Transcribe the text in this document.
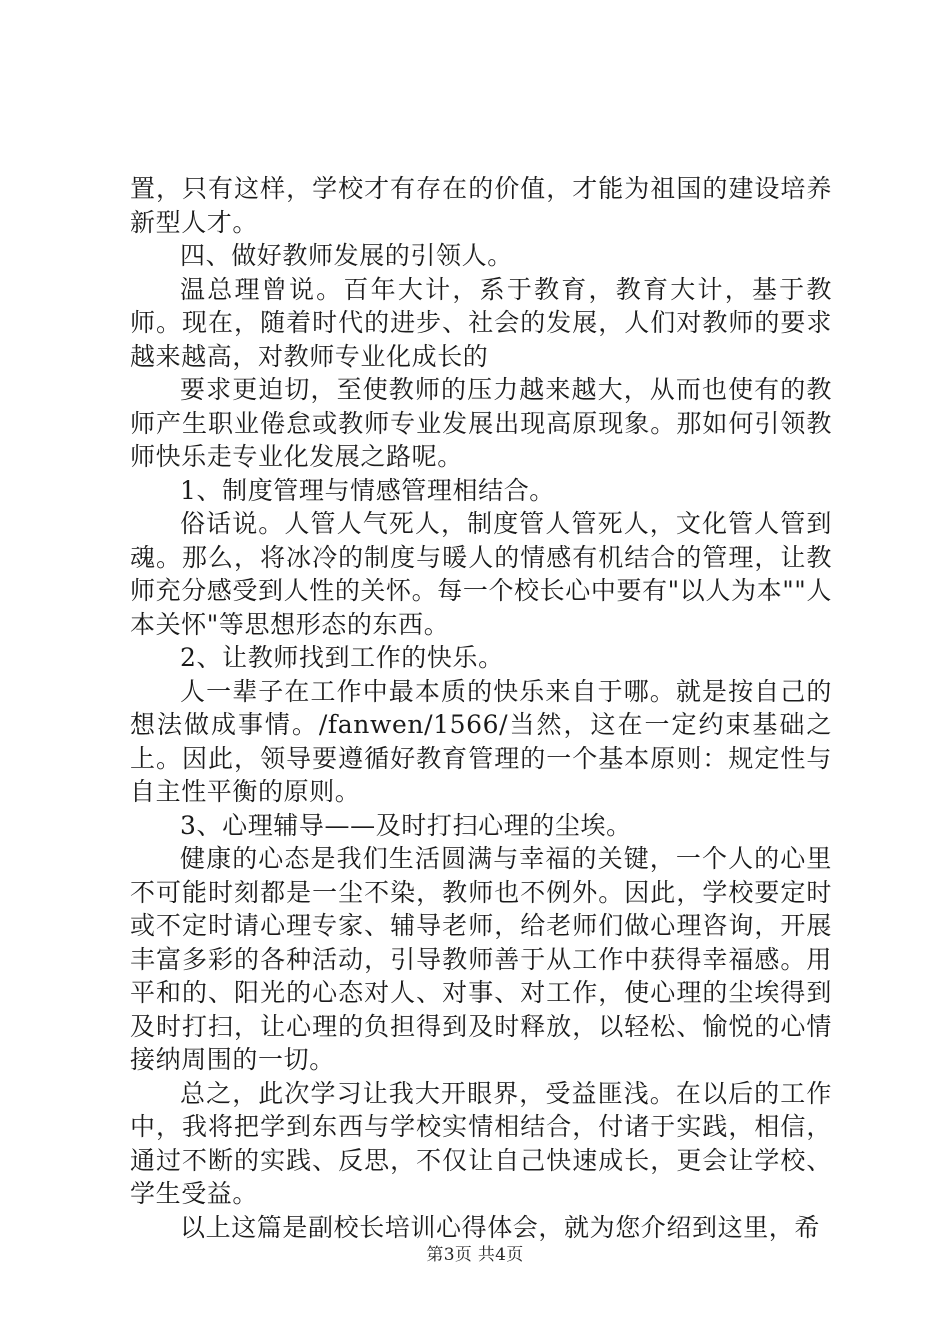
置，只有这样，学校才有存在的价值，才能为祖国的建设培养新型人才。

四、做好教师发展的引领人。

温总理曾说。百年大计，系于教育，教育大计，基于教师。现在，随着时代的进步、社会的发展，人们对教师的要求越来越高，对教师专业化成长的

要求更迫切，至使教师的压力越来越大，从而也使有的教师产生职业倦怠或教师专业发展出现高原现象。那如何引领教师快乐走专业化发展之路呢。

1、制度管理与情感管理相结合。

俗话说。人管人气死人，制度管人管死人，文化管人管到魂。那么，将冰冷的制度与暖人的情感有机结合的管理，让教师充分感受到人性的关怀。每一个校长心中要有"以人为本""人本关怀"等思想形态的东西。

2、让教师找到工作的快乐。

人一辈子在工作中最本质的快乐来自于哪。就是按自己的想法做成事情。/fanwen/1566/当然，这在一定约束基础之上。因此，领导要遵循好教育管理的一个基本原则：规定性与自主性平衡的原则。

3、心理辅导——及时打扫心理的尘埃。

健康的心态是我们生活圆满与幸福的关键，一个人的心里不可能时刻都是一尘不染，教师也不例外。因此，学校要定时或不定时请心理专家、辅导老师，给老师们做心理咨询，开展丰富多彩的各种活动，引导教师善于从工作中获得幸福感。用平和的、阳光的心态对人、对事、对工作，使心理的尘埃得到及时打扫，让心理的负担得到及时释放，以轻松、愉悦的心情接纳周围的一切。

总之，此次学习让我大开眼界，受益匪浅。在以后的工作中，我将把学到东西与学校实情相结合，付诸于实践，相信，通过不断的实践、反思，不仅让自己快速成长，更会让学校、学生受益。

以上这篇是副校长培训心得体会，就为您介绍到这里，希

第3页 共4页
